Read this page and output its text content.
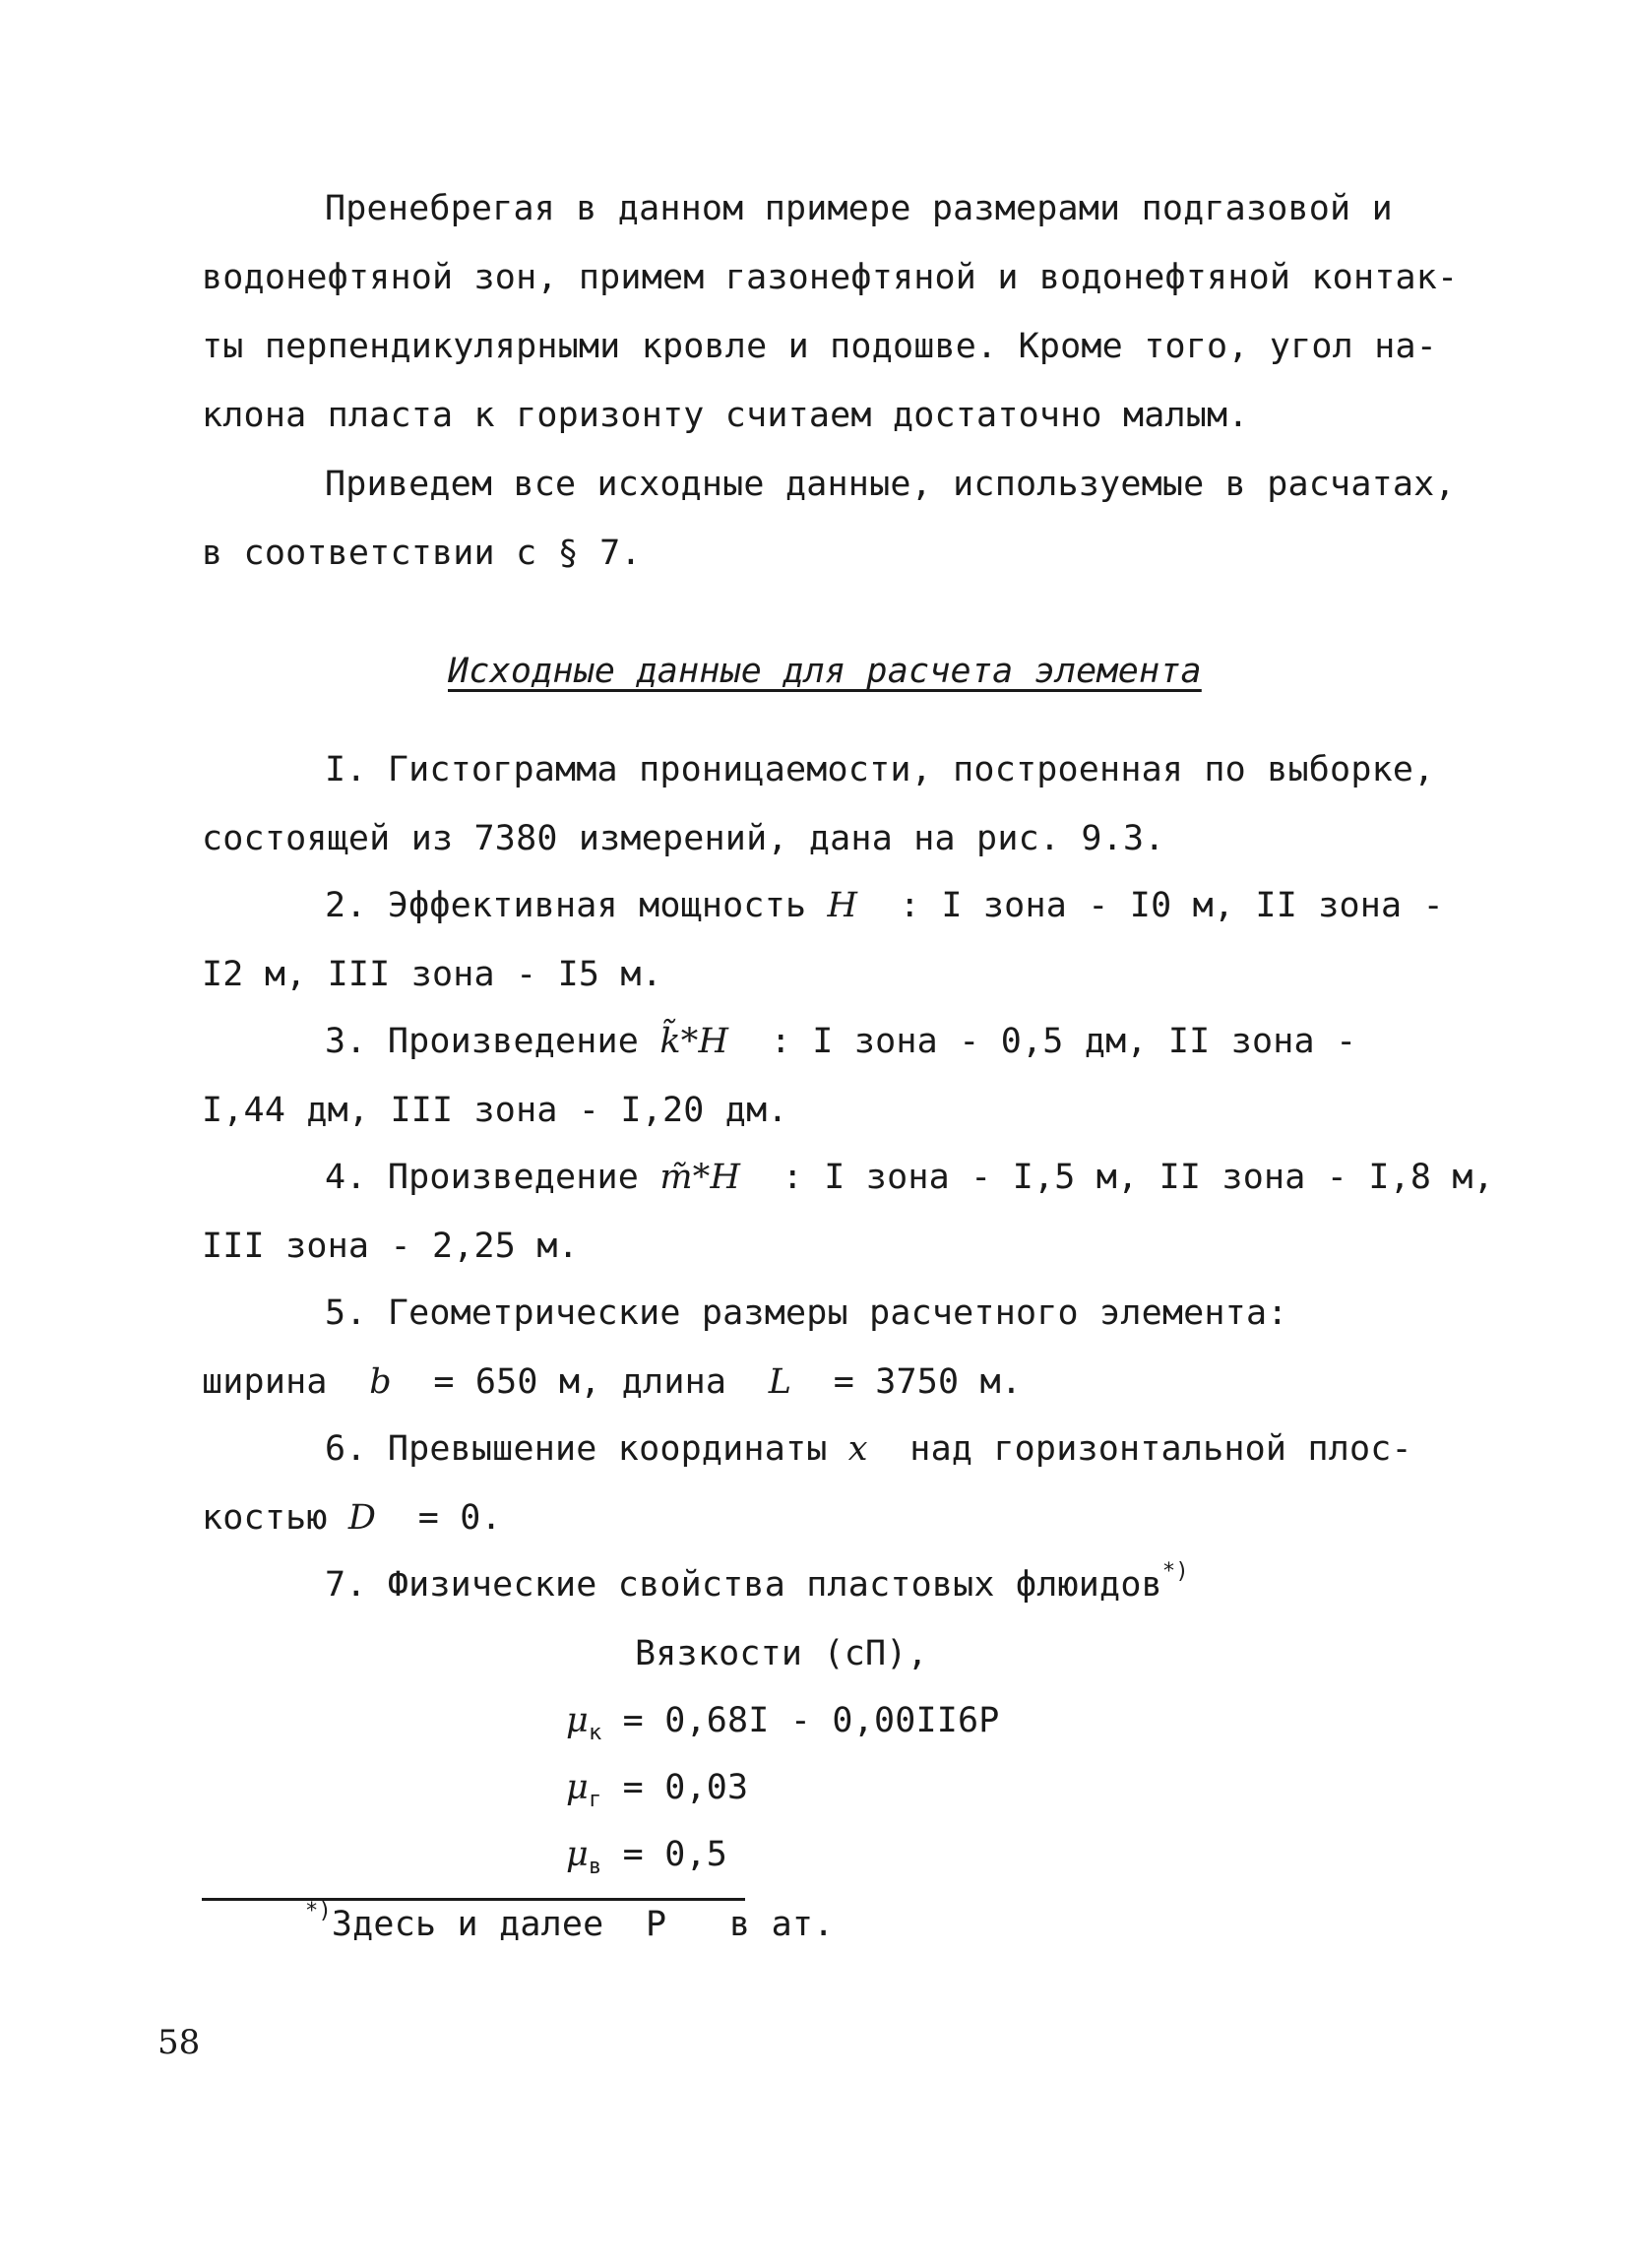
Пренебрегая в данном примере размерами подгазовой и
водонефтяной зон, примем газонефтяной и водонефтяной контак-
ты перпендикулярными кровле и подошве. Кроме того, угол на-
клона пласта к горизонту считаем достаточно малым.
Приведем все исходные данные, используемые в расчатах,
в соответствии с § 7.
Исходные данные для расчета элемента
I. Гистограмма проницаемости, построенная по выборке,
состоящей из 7380 измерений, дана на рис. 9.3.
2. Эффективная мощность H  : I зона - I0 м, II зона -
I2 м, III зона - I5 м.
3. Произведение k̃*H  : I зона - 0,5 дм, II зона -
I,44 дм, III зона - I,20 дм.
4. Произведение m̃*H  : I зона - I,5 м, II зона - I,8 м,
III зона - 2,25 м.
5. Геометрические размеры расчетного элемента:
ширина  b  = 650 м, длина  L  = 3750 м.
6. Превышение координаты x  над горизонтальной плос-
костью D  = 0.
7. Физические свойства пластовых флюидов*)
Вязкости (сП),
$\mu_к = 0,68I - 0,00II6P$
$\mu_г = 0,03$
$\mu_в = 0,5$
*)Здесь и далее  P   в ат.
58
